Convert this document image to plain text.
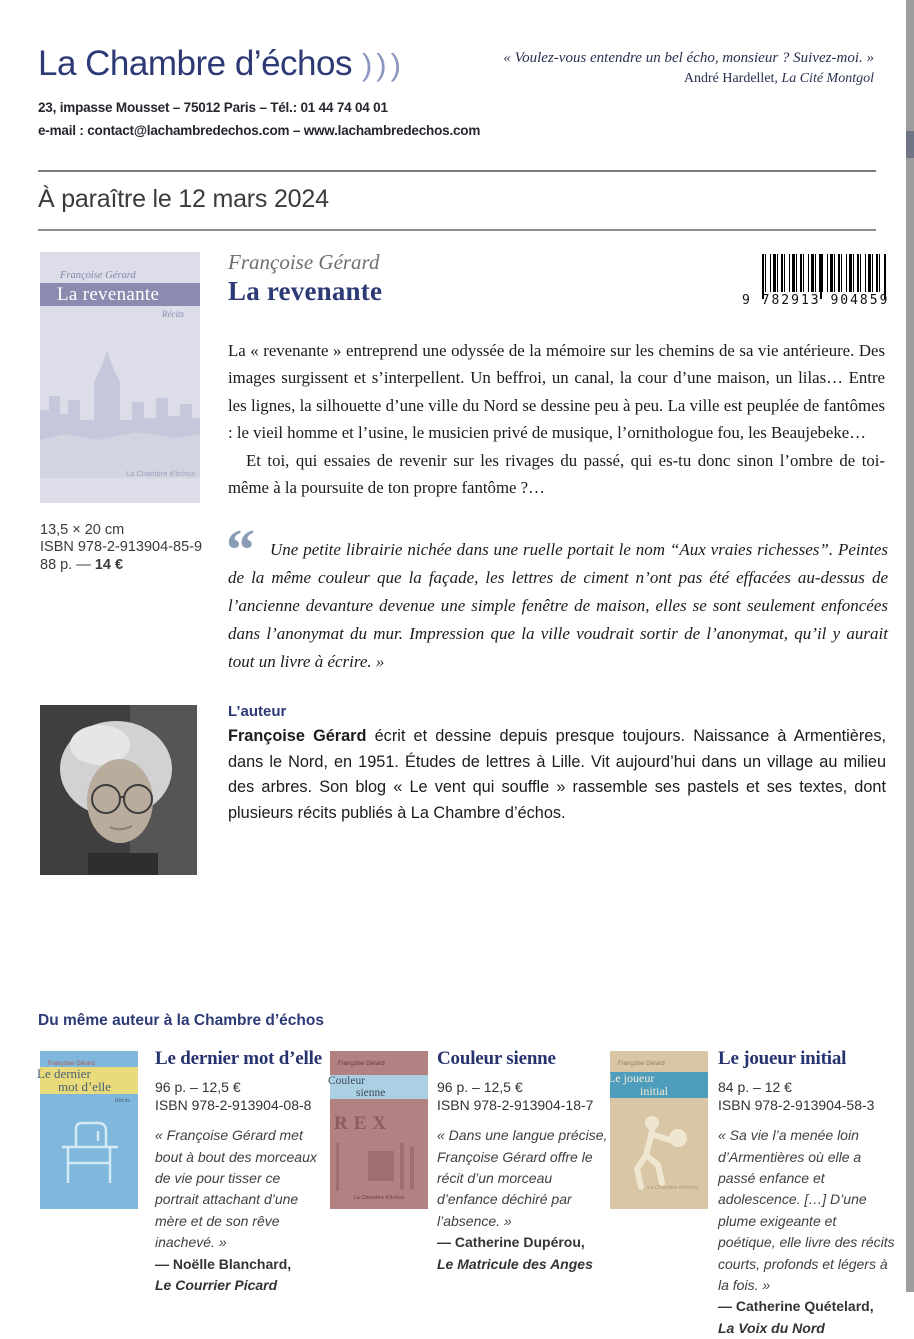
La Chambre d’échos )))
23, impasse Mousset – 75012 Paris – Tél.: 01 44 74 04 01
e-mail : contact@lachambredechos.com – www.lachambredechos.com
« Voulez-vous entendre un bel écho, monsieur ? Suivez-moi. »
André Hardellet, La Cité Montgol
À paraître le 12 mars 2024
Françoise Gérard
La revenante
Récits
La Chambre d’échos
Françoise Gérard
La revenante	9 782913 904859

La « revenante » entreprend une odyssée de la mémoire sur les chemins de sa vie antérieure. Des images surgissent et s’interpellent. Un beffroi, un canal, la cour d’une maison, un lilas… Entre les lignes, la silhouette d’une ville du Nord se dessine peu à peu. La ville est peuplée de fantômes : le vieil homme et l’usine, le musicien privé de musique, l’ornithologue fou, les Beaujebeke…

Et toi, qui essaies de revenir sur les rivages du passé, qui es-tu donc sinon l’ombre de toi-même à la poursuite de ton propre fantôme ?…

13,5 × 20 cm
ISBN 978-2-913904-85-9
88 p. — 14 €	“ Une petite librairie nichée dans une ruelle portait le nom “Aux vraies richesses”. Peintes de la même couleur que la façade, les lettres de ciment n’ont pas été effacées au-dessus de l’ancienne devanture devenue une simple fenêtre de maison, elles se sont seulement enfoncées dans l’anonymat du mur. Impression que la ville voudrait sortir de l’anonymat, qu’il y aurait tout un livre à écrire. »
L’auteur
Françoise Gérard écrit et dessine depuis presque toujours. Naissance à Armentières, dans le Nord, en 1951. Études de lettres à Lille. Vit aujourd’hui dans un village au milieu des arbres. Son blog « Le vent qui souffle » rassemble ses pastels et ses textes, dont plusieurs récits publiés à La Chambre d’échos.
Du même auteur à la Chambre d’échos
Françoise Gérard
Le dernier
mot d’elle
Récits
Le dernier mot d’elle
96 p. – 12,5 €
ISBN 978-2-913904-08-8
« Françoise Gérard met bout à bout des morceaux de vie pour tisser ce portrait attachant d’une mère et de son rêve inachevé. »
— Noëlle Blanchard,
Le Courrier Picard
Françoise Gérard
Couleur
sienne
REX
La Chambre d’échos
Couleur sienne
96 p. – 12,5 €
ISBN 978-2-913904-18-7
« Dans une langue précise, Françoise Gérard offre le récit d’un morceau d’enfance déchiré par l’absence. »
— Catherine Dupérou,
Le Matricule des Anges
Françoise Gérard
Le joueur
initial
La Chambre d’échos
Le joueur initial
84 p. – 12 €
ISBN 978-2-913904-58-3
« Sa vie l’a menée loin d’Armentières où elle a passé enfance et adolescence. […] D’une plume exigeante et poétique, elle livre des récits courts, profonds et légers à la fois. »
— Catherine Quételard,
La Voix du Nord
